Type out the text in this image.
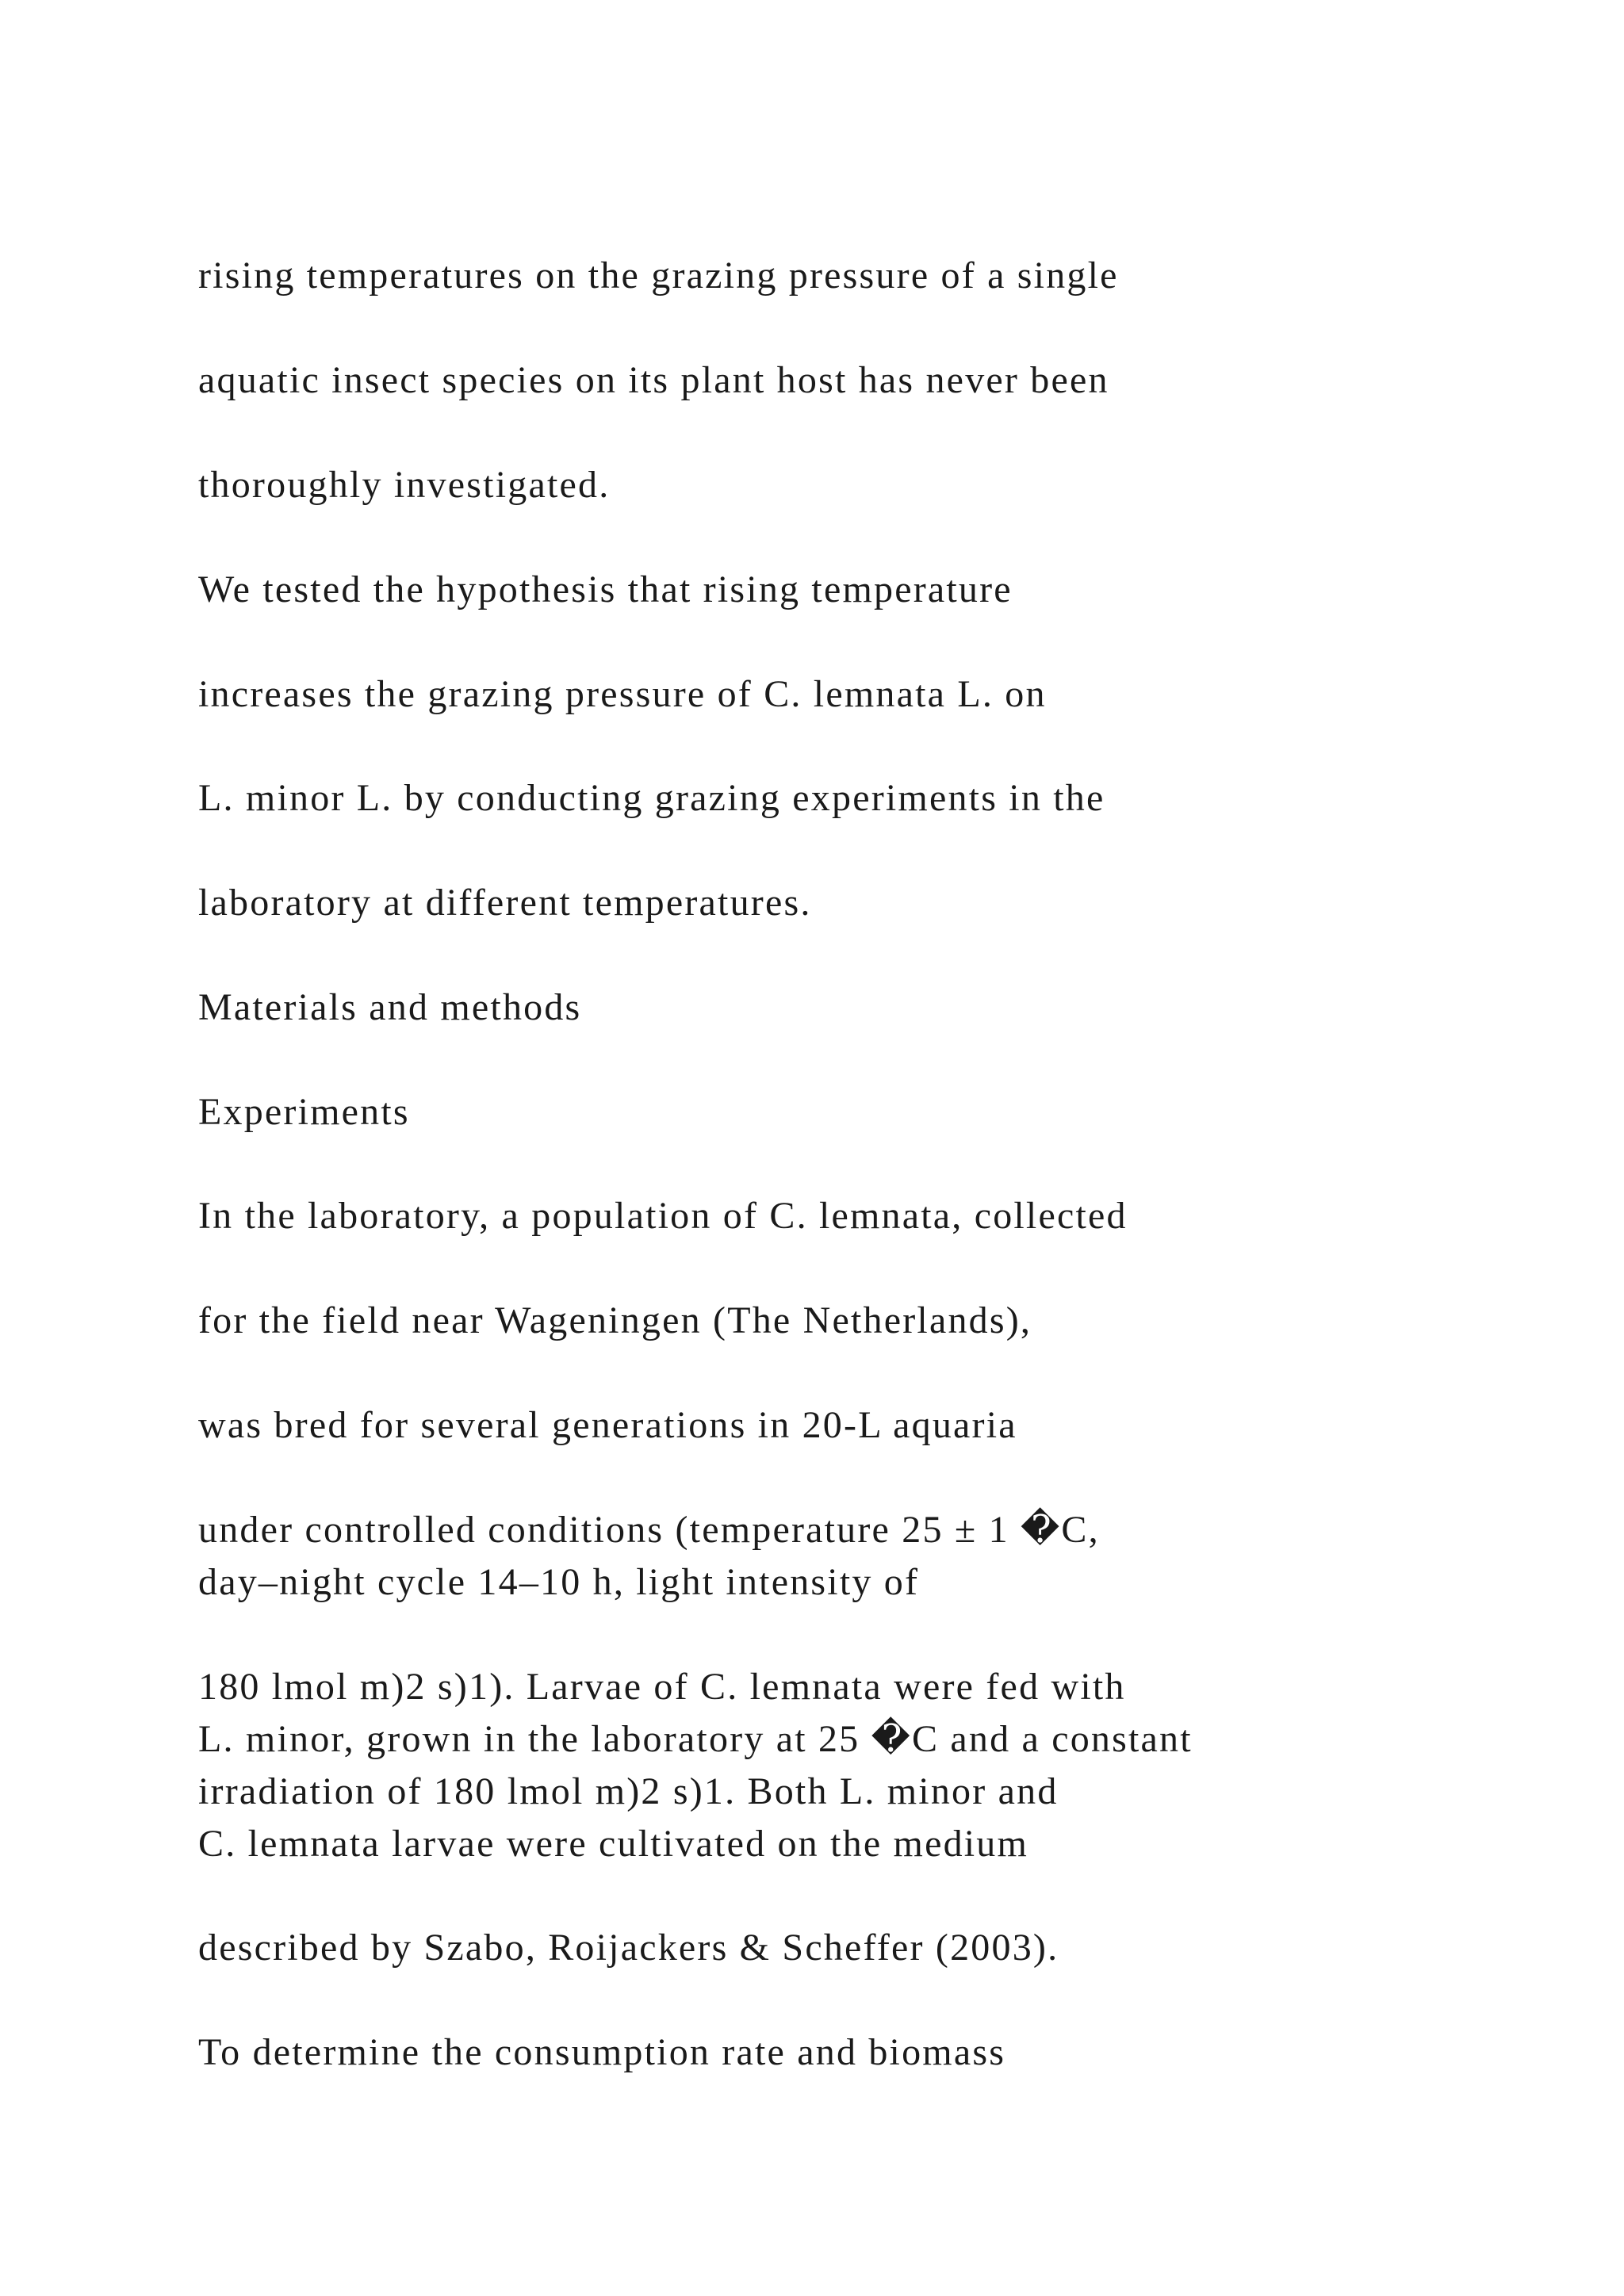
rising temperatures on the grazing pressure of a single
aquatic insect species on its plant host has never been
thoroughly investigated.
We tested the hypothesis that rising temperature
increases the grazing pressure of C. lemnata L. on
L. minor L. by conducting grazing experiments in the
laboratory at different temperatures.
Materials and methods
Experiments
In the laboratory, a population of C. lemnata, collected
for the field near Wageningen (The Netherlands),
was bred for several generations in 20-L aquaria
under controlled conditions (temperature 25 ± 1 �C,
day–night cycle 14–10 h, light intensity of
180 lmol m)2 s)1). Larvae of C. lemnata were fed with
L. minor, grown in the laboratory at 25 �C and a constant
irradiation of 180 lmol m)2 s)1. Both L. minor and
C. lemnata larvae were cultivated on the medium
described by Szabo, Roijackers & Scheffer (2003).
To determine the consumption rate and biomass
